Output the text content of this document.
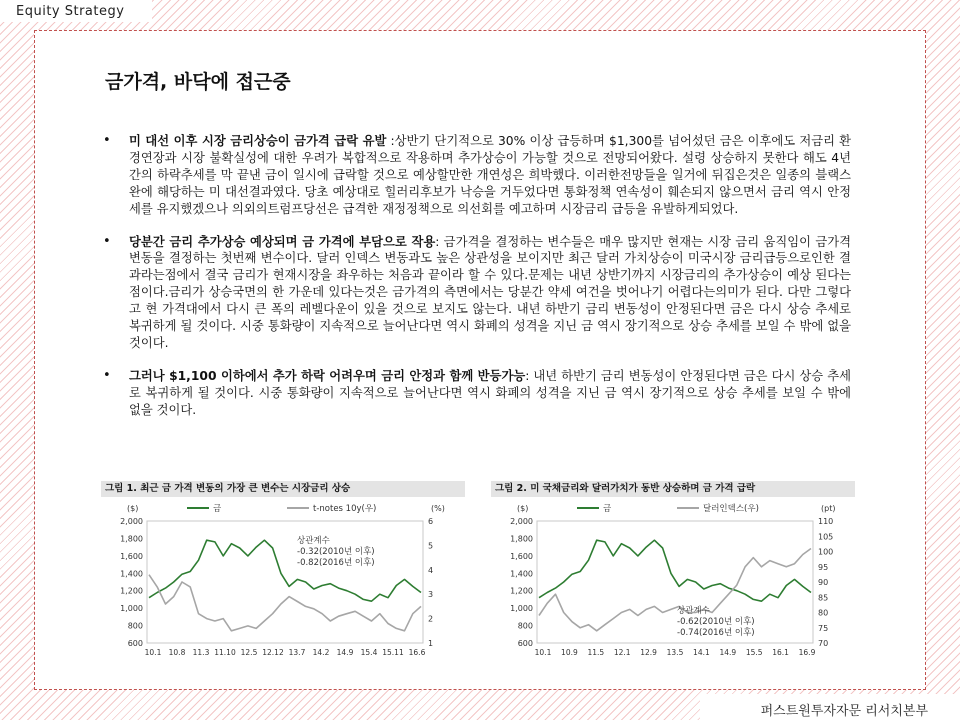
Equity Strategy
금가격, 바닥에 접근중
• 미 대선 이후 시장 금리상승이 금가격 급락 유발 :상반기 단기적으로 30% 이상 급등하며 $1,300를 넘어섰던 금은 이후에도 저금리 환경연장과 시장 불확실성에 대한 우려가 복합적으로 작용하며 추가상승이 가능할 것으로 전망되어왔다. 설령 상승하지 못한다 해도 4년간의 하락추세를 막 끝낸 금이 일시에 급락할 것으로 예상할만한 개연성은 희박했다. 이러한전망들을 일거에 뒤집은것은 일종의 블랙스완에 해당하는 미 대선결과였다. 당초 예상대로 힐러리후보가 낙승을 거두었다면 통화정책 연속성이 훼손되지 않으면서 금리 역시 안정세를 유지했겠으나 의외의트럼프당선은 급격한 재정정책으로 의선회를 예고하며 시장금리 급등을 유발하게되었다.
• 당분간 금리 추가상승 예상되며 금 가격에 부담으로 작용: 금가격을 결정하는 변수들은 매우 많지만 현재는 시장 금리 움직임이 금가격 변동을 결정하는 첫번째 변수이다. 달러 인덱스 변동과도 높은 상관성을 보이지만 최근 달러 가치상승이 미국시장 금리급등으로인한 결과라는점에서 결국 금리가 현재시장을 좌우하는 처음과 끝이라 할 수 있다.문제는 내년 상반기까지 시장금리의 추가상승이 예상 된다는 점이다.금리가 상승국면의 한 가운데 있다는것은 금가격의 측면에서는 당분간 약세 여건을 벗어나기 어렵다는의미가 된다. 다만 그렇다고 현 가격대에서 다시 큰 폭의 레벨다운이 있을 것으로 보지도 않는다. 내년 하반기 금리 변동성이 안정된다면 금은 다시 상승 추세로 복귀하게 될 것이다. 시중 통화량이 지속적으로 늘어난다면 역시 화폐의 성격을 지닌 금 역시 장기적으로 상승 추세를 보일 수 밖에 없을것이다.
• 그러나 $1,100 이하에서 추가 하락 어려우며 금리 안정과 함께 반등가능: 내년 하반기 금리 변동성이 안정된다면 금은 다시 상승 추세로 복귀하게 될 것이다. 시중 통화량이 지속적으로 늘어난다면 역시 화폐의 성격을 지닌 금 역시 장기적으로 상승 추세를 보일 수 밖에 없을 것이다.
그림 1. 최근 금 가격 변동의 가장 큰 변수는 시장금리 상승
($)	(%)
2,000
1,800
1,600
1,400
1,200
1,000
800
600
6
5
4
3
2
1
10.1 10.8 11.3 11.10 12.5 12.12 13.7 14.2 14.9 15.4 15.11 16.6
금	t-notes 10y(우)
상관계수
-0.32(2010년 이후)
-0.82(2016년 이후)
그림 2. 미 국채금리와 달러가치가 동반 상승하며 금 가격 급락
($)	(pt)
2,000
1,800
1,600
1,400
1,200
1,000
800
600
110
105
100
95
90
85
80
75
70
10.1 10.9 11.5 12.1 12.9 13.5 14.1 14.9 15.5 16.1 16.9
금	달러인덱스(우)
상관계수
-0.62(2010년 이후)
-0.74(2016년 이후)
퍼스트원투자자문 리서치본부
